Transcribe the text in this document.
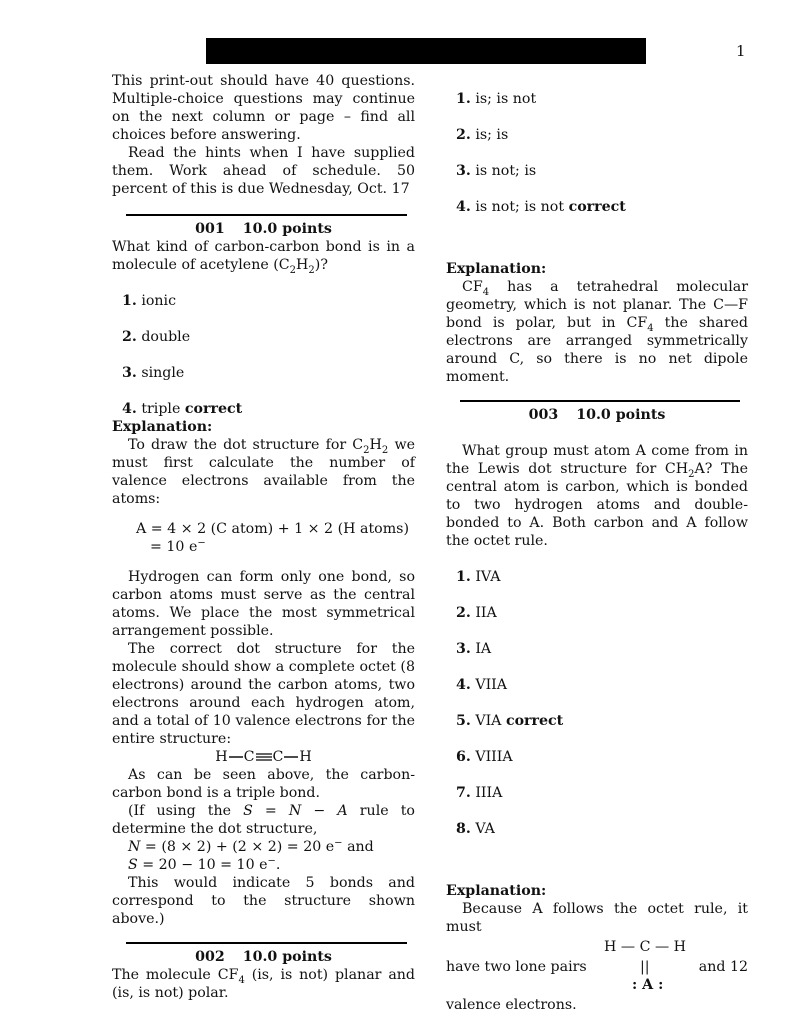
1

This print-out should have 40 questions. Multiple-choice questions may continue on the next column or page – find all choices before answering.

Read the hints when I have supplied them. Work ahead of schedule. 50 percent of this is due Wednesday, Oct. 17

001 10.0 points

What kind of carbon-carbon bond is in a molecule of acetylene $(C_2H_2)$?

1. ionic
2. double
3. single
4. triple correct
Explanation:

To draw the dot structure for $C_2H_2$ we must first calculate the number of valence electrons available from the atoms:

A = 4 × 2 (C atom) + 1 × 2 (H atoms)
= 10 e−

Hydrogen can form only one bond, so carbon atoms must serve as the central atoms. We place the most symmetrical arrangement possible.

The correct dot structure for the molecule should show a complete octet (8 electrons) around the carbon atoms, two electrons around each hydrogen atom, and a total of 10 valence electrons for the entire structure:

H C C H

As can be seen above, the carbon-carbon bond is a triple bond.

(If using the S = N − A rule to determine the dot structure,

N = (8 × 2) + (2 × 2) = 20 e− and

S = 20 − 10 = 10 e−.

This would indicate 5 bonds and correspond to the structure shown above.)

002 10.0 points

The molecule $CF_4$ (is, is not) planar and (is, is not) polar.

1. is; is not
2. is; is
3. is not; is
4. is not; is not correct
Explanation:

$CF_4$ has a tetrahedral molecular geometry, which is not planar. The C—F bond is polar, but in $CF_4$ the shared electrons are arranged symmetrically around C, so there is no net dipole moment.

003 10.0 points

What group must atom A come from in the Lewis dot structure for $CH_2A$? The central atom is carbon, which is bonded to two hydrogen atoms and double-bonded to A. Both carbon and A follow the octet rule.

1. IVA
2. IIA
3. IA
4. VIIA
5. VIA correct
6. VIIIA
7. IIIA
8. VA
Explanation:

Because A follows the octet rule, it must

H — C — H
have two lone pairs	||	and 12
: A :

valence electrons.
